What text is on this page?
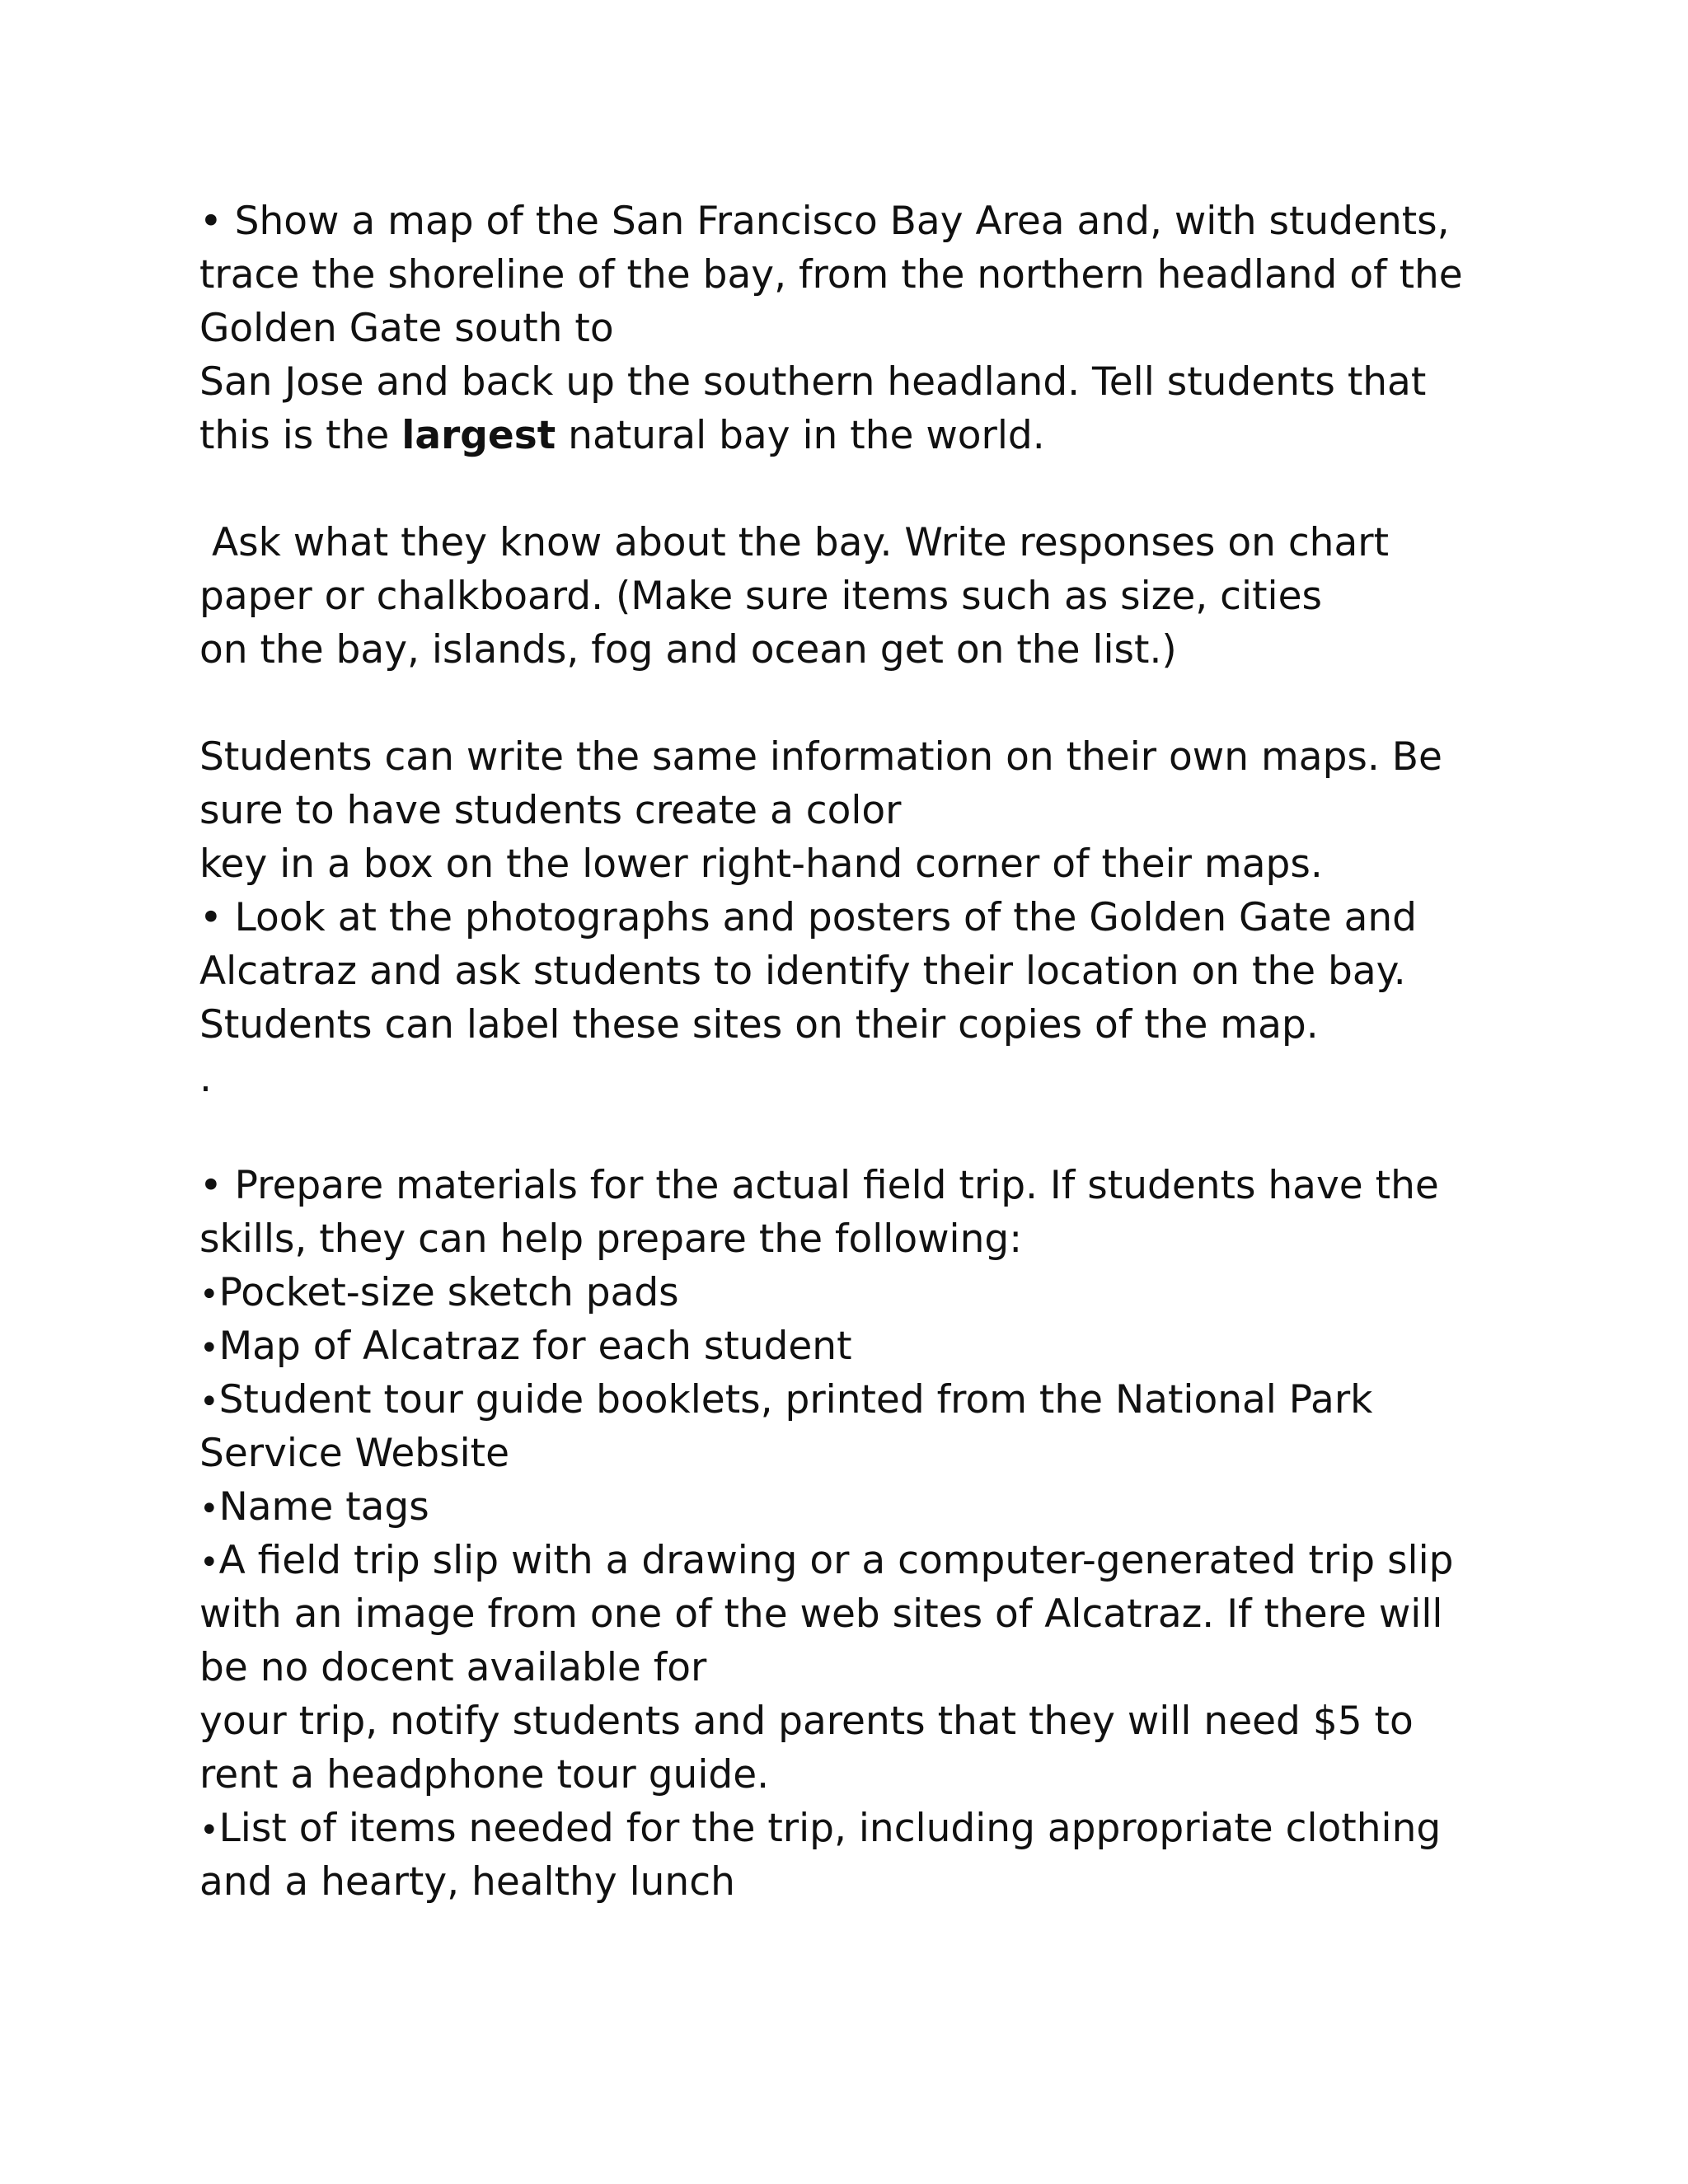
• Show a map of the San Francisco Bay Area and, with students,
trace the shoreline of the bay, from the northern headland of the
Golden Gate south to
San Jose and back up the southern headland. Tell students that
this is the largest natural bay in the world.
Ask what they know about the bay. Write responses on chart
paper or chalkboard. (Make sure items such as size, cities
on the bay, islands, fog and ocean get on the list.)
Students can write the same information on their own maps. Be
sure to have students create a color
key in a box on the lower right-hand corner of their maps.
• Look at the photographs and posters of the Golden Gate and
Alcatraz and ask students to identify their location on the bay.
Students can label these sites on their copies of the map.
.
• Prepare materials for the actual field trip. If students have the
skills, they can help prepare the following:
•Pocket-size sketch pads
•Map of Alcatraz for each student
•Student tour guide booklets, printed from the National Park
Service Website
•Name tags
•A field trip slip with a drawing or a computer-generated trip slip
with an image from one of the web sites of Alcatraz. If there will
be no docent available for
your trip, notify students and parents that they will need $5 to
rent a headphone tour guide.
•List of items needed for the trip, including appropriate clothing
and a hearty, healthy lunch
